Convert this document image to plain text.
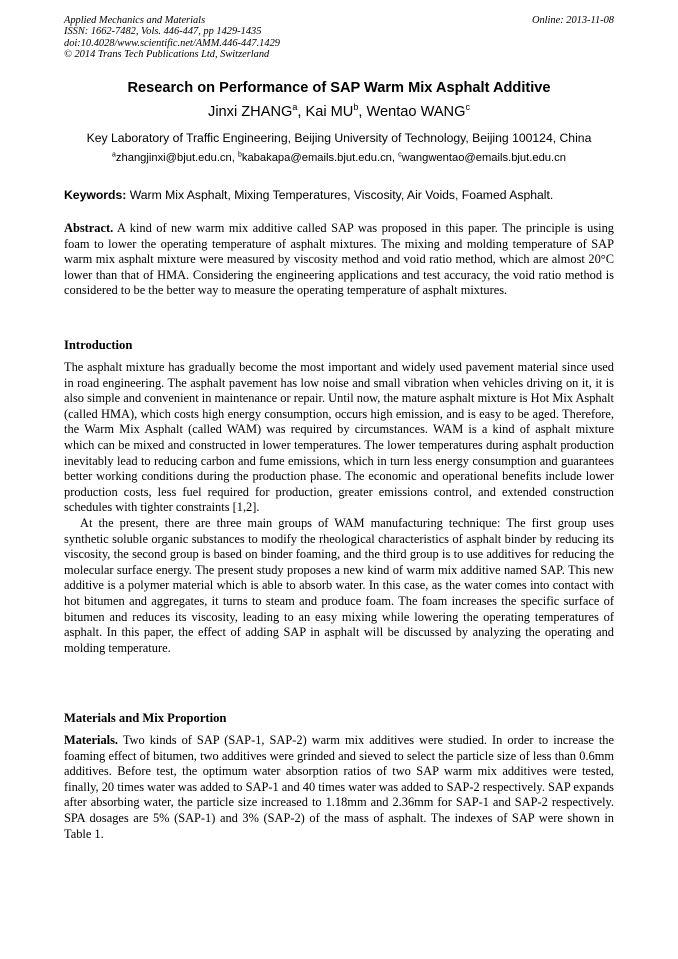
Applied Mechanics and Materials
ISSN: 1662-7482, Vols. 446-447, pp 1429-1435
doi:10.4028/www.scientific.net/AMM.446-447.1429
© 2014 Trans Tech Publications Ltd, Switzerland
Online: 2013-11-08
Research on Performance of SAP Warm Mix Asphalt Additive
Jinxi ZHANG$^a$, Kai $MU^b$, Wentao WANG$^c$
Key Laboratory of Traffic Engineering, Beijing University of Technology, Beijing 100124, China
$^a$zhangjinxi@bjut.edu.cn, $^b$kabakapa@emails.bjut.edu.cn, $^c$wangwentao@emails.bjut.edu.cn
Keywords: Warm Mix Asphalt, Mixing Temperatures, Viscosity, Air Voids, Foamed Asphalt.

Abstract. A kind of new warm mix additive called SAP was proposed in this paper. The principle is using foam to lower the operating temperature of asphalt mixtures. The mixing and molding temperature of SAP warm mix asphalt mixture were measured by viscosity method and void ratio method, which are almost 20°C lower than that of HMA. Considering the engineering applications and test accuracy, the void ratio method is considered to be the better way to measure the operating temperature of asphalt mixtures.

Introduction

The asphalt mixture has gradually become the most important and widely used pavement material since used in road engineering. The asphalt pavement has low noise and small vibration when vehicles driving on it, it is also simple and convenient in maintenance or repair. Until now, the mature asphalt mixture is Hot Mix Asphalt (called HMA), which costs high energy consumption, occurs high emission, and is easy to be aged. Therefore, the Warm Mix Asphalt (called WAM) was required by circumstances. WAM is a kind of asphalt mixture which can be mixed and constructed in lower temperatures. The lower temperatures during asphalt production inevitably lead to reducing carbon and fume emissions, which in turn less energy consumption and guarantees better working conditions during the production phase. The economic and operational benefits include lower production costs, less fuel required for production, greater emissions control, and extended construction schedules with tighter constraints [1,2].

At the present, there are three main groups of WAM manufacturing technique: The first group uses synthetic soluble organic substances to modify the rheological characteristics of asphalt binder by reducing its viscosity, the second group is based on binder foaming, and the third group is to use additives for reducing the molecular surface energy. The present study proposes a new kind of warm mix additive named SAP. This new additive is a polymer material which is able to absorb water. In this case, as the water comes into contact with hot bitumen and aggregates, it turns to steam and produce foam. The foam increases the specific surface of bitumen and reduces its viscosity, leading to an easy mixing while lowering the operating temperatures of asphalt. In this paper, the effect of adding SAP in asphalt will be discussed by analyzing the operating and molding temperature.

Materials and Mix Proportion

Materials. Two kinds of SAP (SAP-1, SAP-2) warm mix additives were studied. In order to increase the foaming effect of bitumen, two additives were grinded and sieved to select the particle size of less than 0.6mm additives. Before test, the optimum water absorption ratios of two SAP warm mix additives were tested, finally, 20 times water was added to SAP-1 and 40 times water was added to SAP-2 respectively. SAP expands after absorbing water, the particle size increased to 1.18mm and 2.36mm for SAP-1 and SAP-2 respectively. SPA dosages are 5% (SAP-1) and 3% (SAP-2) of the mass of asphalt. The indexes of SAP were shown in Table 1.
